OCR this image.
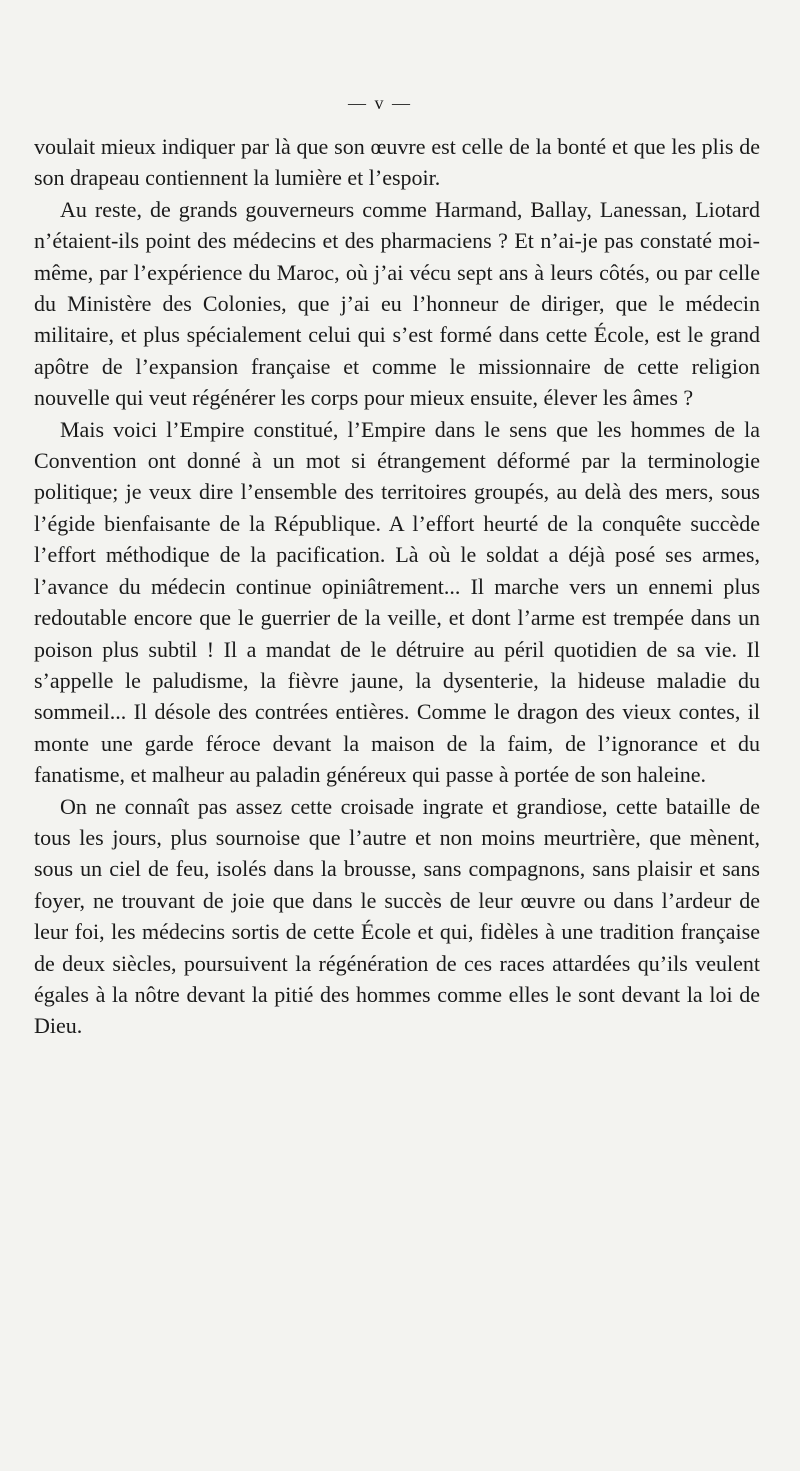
— v —

voulait mieux indiquer par là que son œuvre est celle de la bonté et que les plis de son drapeau contiennent la lumière et l’espoir.

Au reste, de grands gouverneurs comme Harmand, Ballay, Lanessan, Liotard n’étaient-ils point des médecins et des pharmaciens ? Et n’ai-je pas constaté moi-même, par l’expérience du Maroc, où j’ai vécu sept ans à leurs côtés, ou par celle du Ministère des Colonies, que j’ai eu l’honneur de diriger, que le médecin militaire, et plus spécialement celui qui s’est formé dans cette École, est le grand apôtre de l’expansion française et comme le missionnaire de cette religion nouvelle qui veut régénérer les corps pour mieux ensuite, élever les âmes ?

Mais voici l’Empire constitué, l’Empire dans le sens que les hommes de la Convention ont donné à un mot si étrangement déformé par la terminologie politique; je veux dire l’ensemble des territoires groupés, au delà des mers, sous l’égide bienfaisante de la République. A l’effort heurté de la conquête succède l’effort méthodique de la pacification. Là où le soldat a déjà posé ses armes, l’avance du médecin continue opiniâtrement... Il marche vers un ennemi plus redoutable encore que le guerrier de la veille, et dont l’arme est trempée dans un poison plus subtil ! Il a mandat de le détruire au péril quotidien de sa vie. Il s’appelle le paludisme, la fièvre jaune, la dysenterie, la hideuse maladie du sommeil... Il désole des contrées entières. Comme le dragon des vieux contes, il monte une garde féroce devant la maison de la faim, de l’ignorance et du fanatisme, et malheur au paladin généreux qui passe à portée de son haleine.

On ne connaît pas assez cette croisade ingrate et grandiose, cette bataille de tous les jours, plus sournoise que l’autre et non moins meurtrière, que mènent, sous un ciel de feu, isolés dans la brousse, sans compagnons, sans plaisir et sans foyer, ne trouvant de joie que dans le succès de leur œuvre ou dans l’ardeur de leur foi, les médecins sortis de cette École et qui, fidèles à une tradition française de deux siècles, poursuivent la régénération de ces races attardées qu’ils veulent égales à la nôtre devant la pitié des hommes comme elles le sont devant la loi de Dieu.
